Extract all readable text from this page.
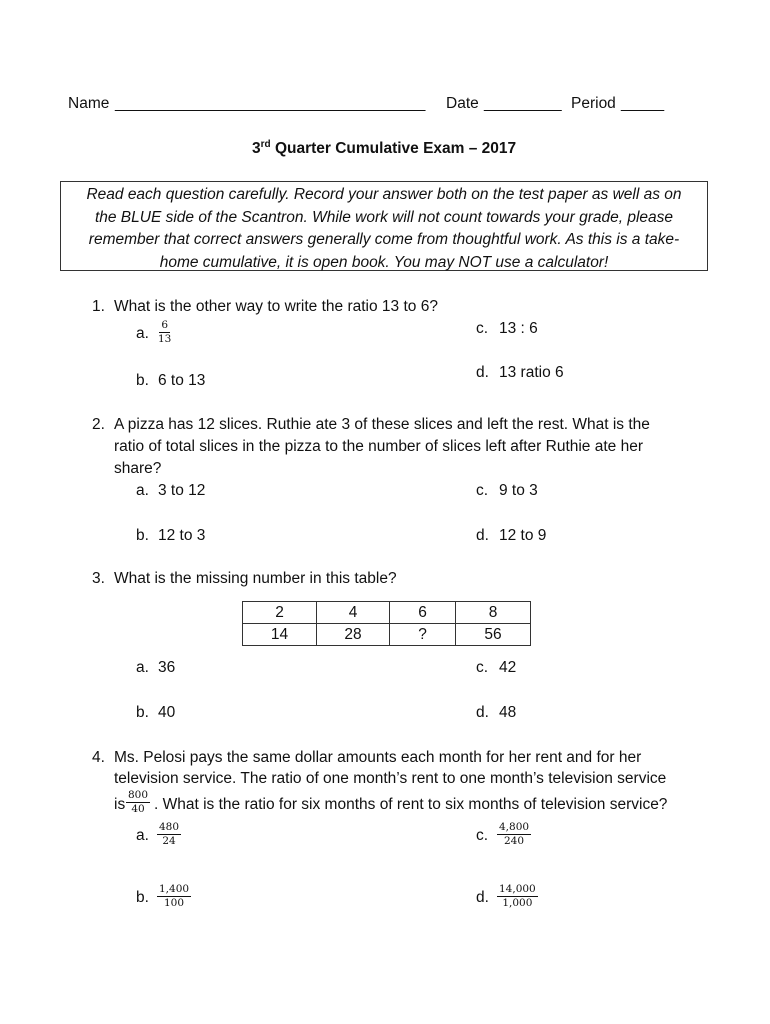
Name ____________________________________ Date _________ Period _____
3rd Quarter Cumulative Exam – 2017
Read each question carefully. Record your answer both on the test paper as well as on
the BLUE side of the Scantron. While work will not count towards your grade, please
remember that correct answers generally come from thoughtful work. As this is a take-
home cumulative, it is open book. You may NOT use a calculator!
1. What is the other way to write the ratio 13 to 6?
a. $\frac{6}{13}$
b. 6 to 13
c. 13 : 6
d. 13 ratio 6
2. A pizza has 12 slices. Ruthie ate 3 of these slices and left the rest. What is the
ratio of total slices in the pizza to the number of slices left after Ruthie ate her
share?
a. 3 to 12
b. 12 to 3
c. 9 to 3
d. 12 to 9
3. What is the missing number in this table?
2	4	6	8
14	28	?	56
a. 36
b. 40
c. 42
d. 48
4. Ms. Pelosi pays the same dollar amounts each month for her rent and for her
television service. The ratio of one month’s rent to one month’s television service
is $\frac{800}{40}$ . What is the ratio for six months of rent to six months of television service?
a. $\frac{480}{24}$
b. $\frac{1,400}{100}$
c. $\frac{4,800}{240}$
d. $\frac{14,000}{1,000}$
